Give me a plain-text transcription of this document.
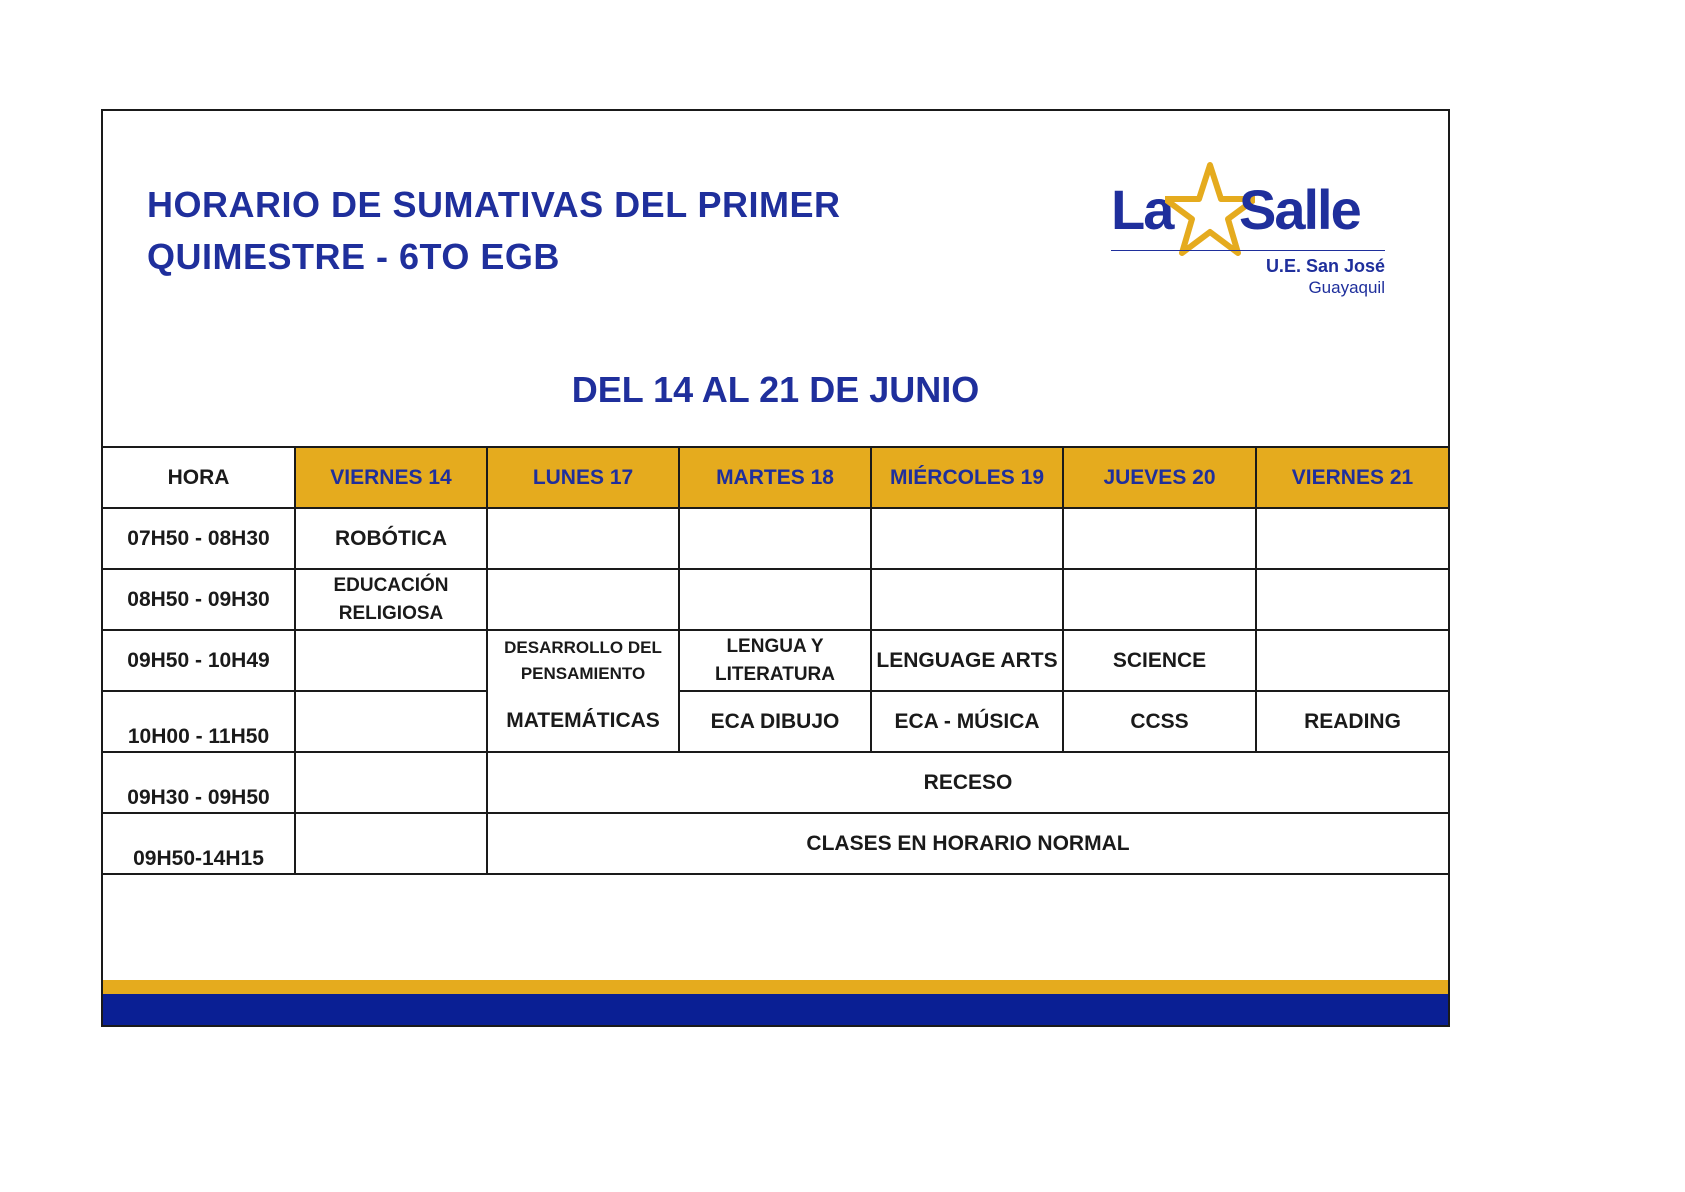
HORARIO DE SUMATIVAS DEL PRIMER
QUIMESTRE - 6TO EGB
La Salle
U.E. San José
Guayaquil
DEL 14 AL 21 DE JUNIO
HORA	VIERNES 14	LUNES 17	MARTES 18	MIÉRCOLES 19	JUEVES 20	VIERNES 21
07H50 - 08H30	ROBÓTICA					
08H50 - 09H30	EDUCACIÓN RELIGIOSA					
09H50 - 10H49		DESARROLLO DEL PENSAMIENTO	LENGUA Y LITERATURA	LENGUAGE ARTS	SCIENCE	
10H00 - 11H50		MATEMÁTICAS	ECA DIBUJO	ECA - MÚSICA	CCSS	READING
09H30 - 09H50		RECESO				
09H50-14H15		CLASES EN HORARIO NORMAL				
